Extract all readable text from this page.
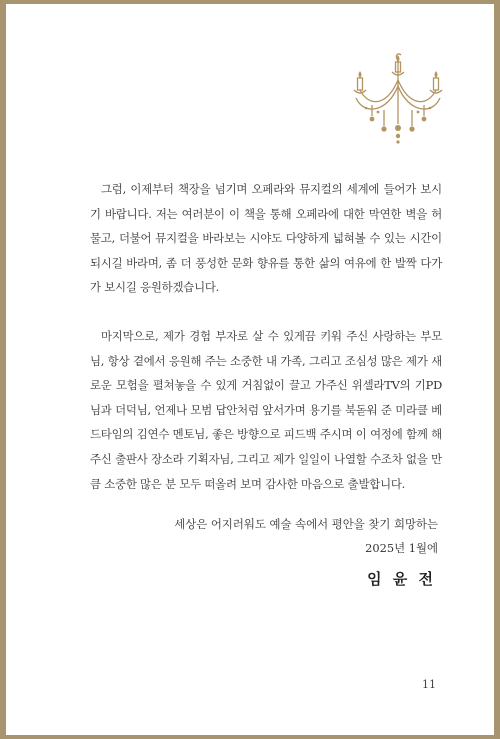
그럼, 이제부터 책장을 넘기며 오페라와 뮤지컬의 세계에 들어가 보시기 바랍니다. 저는 여러분이 이 책을 통해 오페라에 대한 막연한 벽을 허물고, 더불어 뮤지컬을 바라보는 시야도 다양하게 넓혀볼 수 있는 시간이 되시길 바라며, 좀 더 풍성한 문화 향유를 통한 삶의 여유에 한 발짝 다가가 보시길 응원하겠습니다.

마지막으로, 제가 경험 부자로 살 수 있게끔 키워 주신 사랑하는 부모님, 항상 곁에서 응원해 주는 소중한 내 가족, 그리고 조심성 많은 제가 새로운 모험을 펼쳐놓을 수 있게 거침없이 끌고 가주신 위셀라TV의 기PD님과 더덕님, 언제나 모범 답안처럼 앞서가며 용기를 북돋워 준 미라클 베드타임의 김연수 멘토님, 좋은 방향으로 피드백 주시며 이 여정에 함께 해주신 출판사 장소라 기획자님, 그리고 제가 일일이 나열할 수조차 없을 만큼 소중한 많은 분 모두 떠올려 보며 감사한 마음으로 출발합니다.

세상은 어지러워도 예술 속에서 평안을 찾기 희망하는
2025년 1월에
임 윤 전
11
